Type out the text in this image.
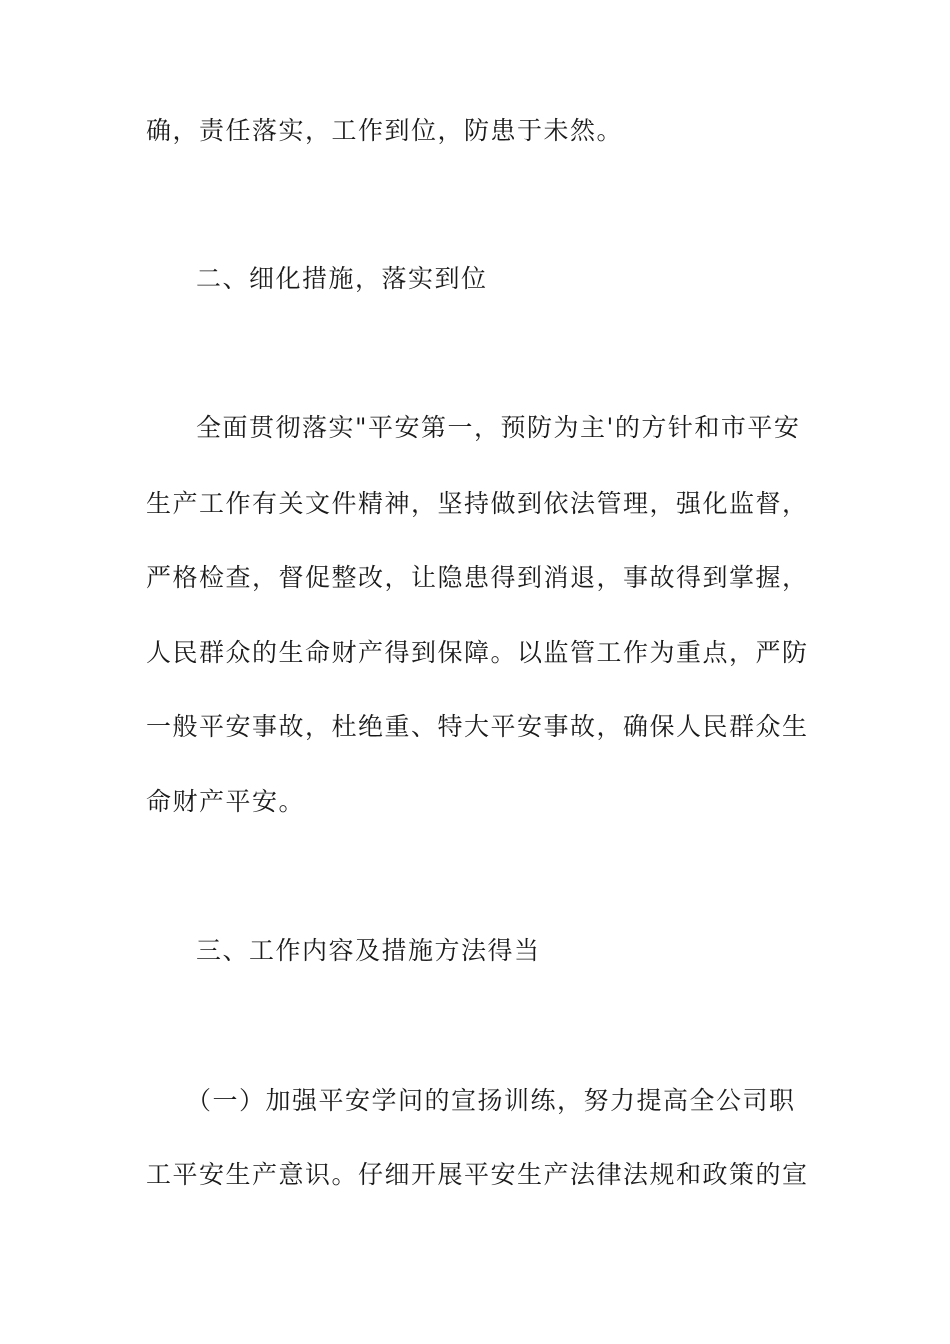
确，责任落实，工作到位，防患于未然。
二、细化措施，落实到位
全面贯彻落实"平安第一，预防为主'的方针和市平安
生产工作有关文件精神，坚持做到依法管理，强化监督，
严格检查，督促整改，让隐患得到消退，事故得到掌握，
人民群众的生命财产得到保障。以监管工作为重点，严防
一般平安事故，杜绝重、特大平安事故，确保人民群众生
命财产平安。
三、工作内容及措施方法得当
（一）加强平安学问的宣扬训练，努力提高全公司职
工平安生产意识。仔细开展平安生产法律法规和政策的宣
